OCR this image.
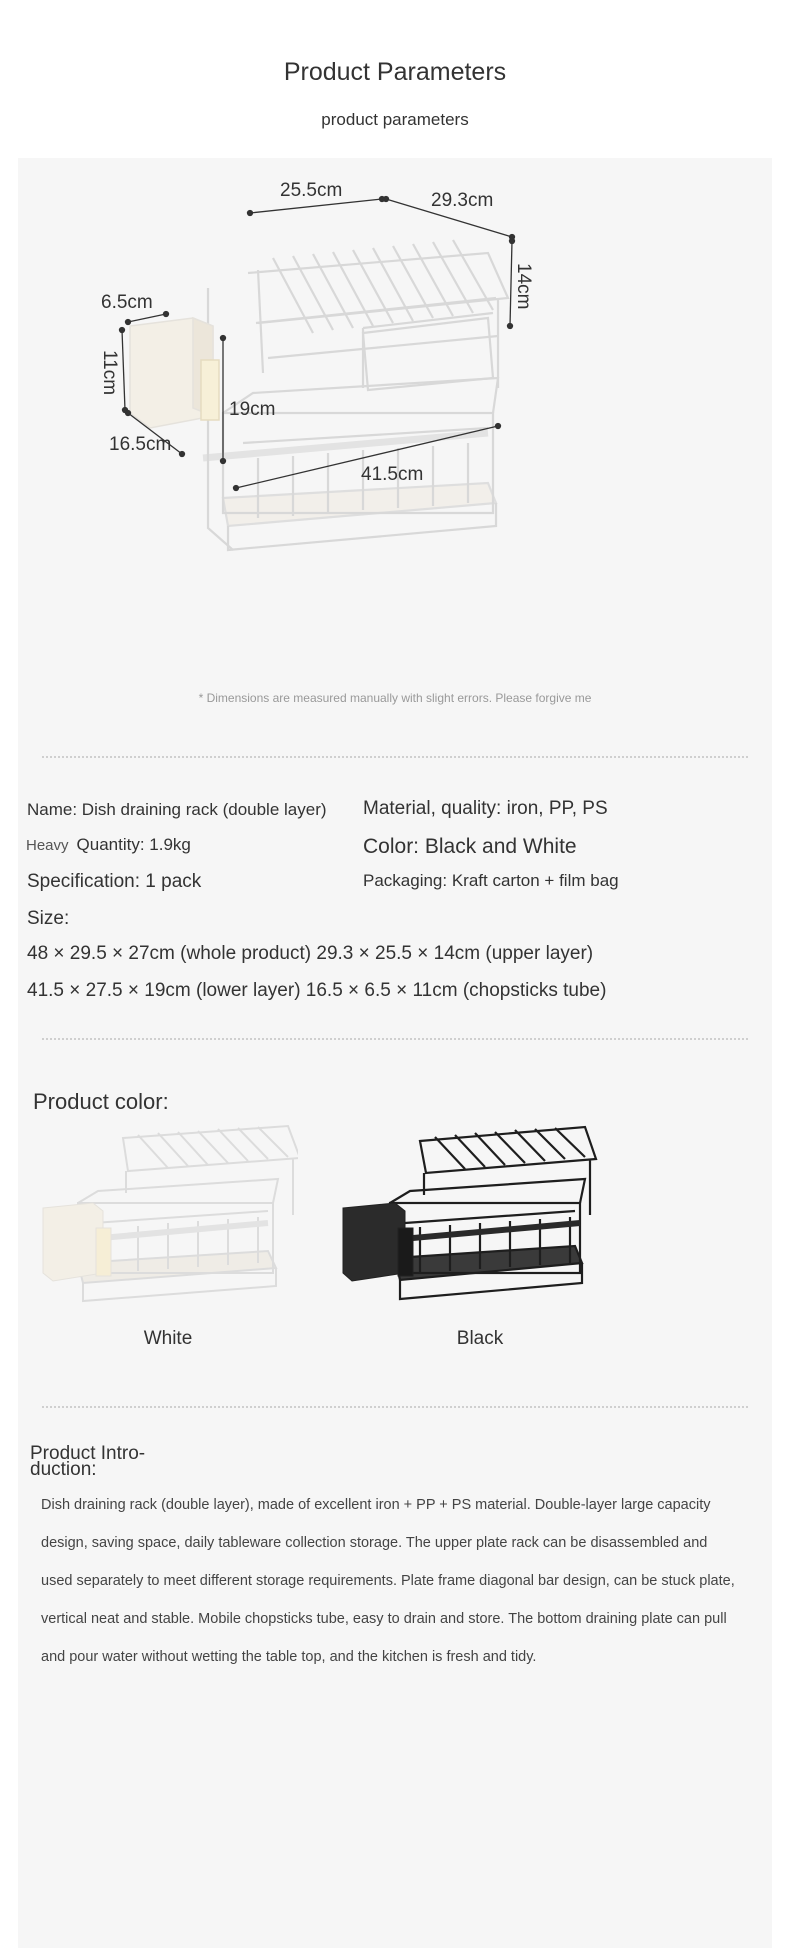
Product Parameters
product parameters
25.5cm	29.3cm
14cm
6.5cm
11cm
16.5cm
19cm
41.5cm
* Dimensions are measured manually with slight errors. Please forgive me
Name: Dish draining rack (double layer) Material, quality: iron, PP, PS
Heavy Quantity: 1.9kg	Color: Black and White
Specification: 1 pack	Packaging: Kraft carton + film bag
Size:
48 × 29.5 × 27cm (whole product) 29.3 × 25.5 × 14cm (upper layer)
41.5 × 27.5 × 19cm (lower layer) 16.5 × 6.5 × 11cm (chopsticks tube)
Product color:
White	Black
Product Intro-
duction:
Dish draining rack (double layer), made of excellent iron + PP + PS material. Double-layer large capacity design, saving space, daily tableware collection storage. The upper plate rack can be disassembled and used separately to meet different storage requirements. Plate frame diagonal bar design, can be stuck plate, vertical neat and stable. Mobile chopsticks tube, easy to drain and store. The bottom draining plate can pull and pour water without wetting the table top, and the kitchen is fresh and tidy.
